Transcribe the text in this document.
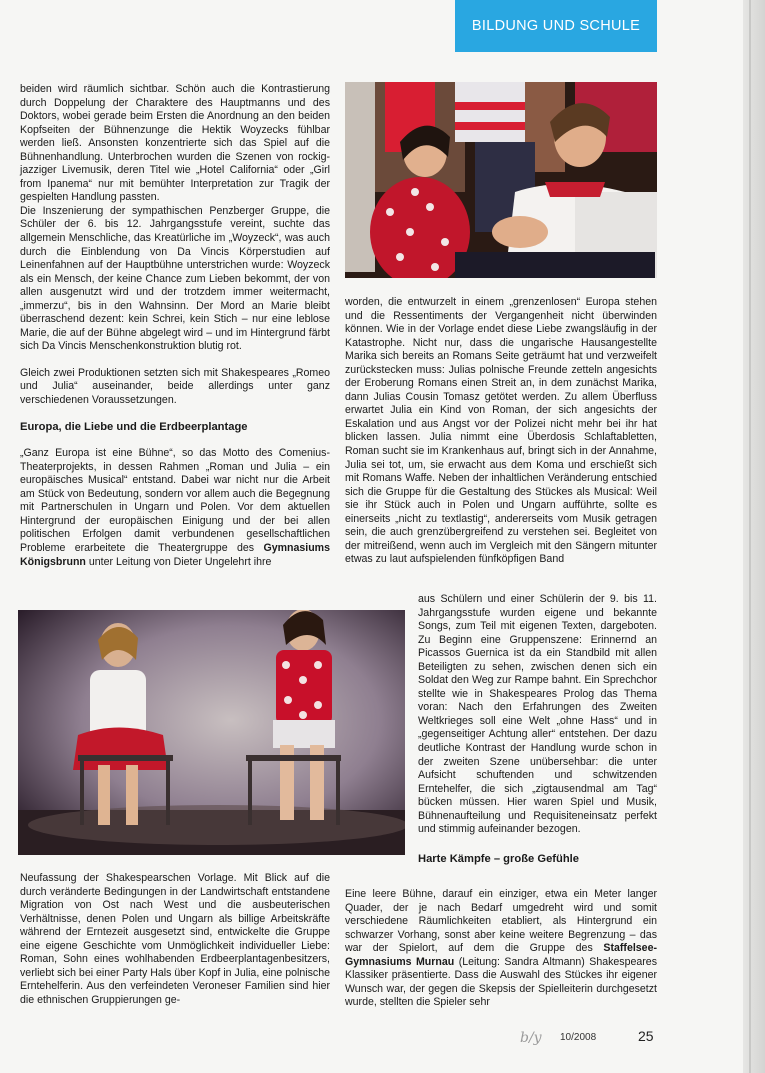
BILDUNG UND SCHULE

beiden wird räumlich sichtbar. Schön auch die Kontrastierung durch Doppelung der Charaktere des Hauptmanns und des Doktors, wobei gerade beim Ersten die Anordnung an den beiden Kopfseiten der Bühnenzunge die Hektik Woyzecks fühlbar werden ließ. Ansonsten konzentrierte sich das Spiel auf die Bühnenhandlung. Unterbrochen wurden die Szenen von rockig-jazziger Livemusik, deren Titel wie „Hotel California“ oder „Girl from Ipanema“ nur mit bemühter Interpretation zur Tragik der gespielten Handlung passten.

Die Inszenierung der sympathischen Penzberger Gruppe, die Schüler der 6. bis 12. Jahrgangsstufe vereint, suchte das allgemein Menschliche, das Kreatürliche im „Woyzeck“, was auch durch die Einblendung von Da Vincis Körperstudien auf Leinenfahnen auf der Hauptbühne unterstrichen wurde: Woyzeck als ein Mensch, der keine Chance zum Lieben bekommt, der von allen ausgenutzt wird und der trotzdem immer weitermacht, „immerzu“, bis in den Wahnsinn. Der Mord an Marie bleibt überraschend dezent: kein Schrei, kein Stich – nur eine leblose Marie, die auf der Bühne abgelegt wird – und im Hintergrund färbt sich Da Vincis Menschenkonstruktion blutig rot.

Gleich zwei Produktionen setzten sich mit Shakespeares „Romeo und Julia“ auseinander, beide allerdings unter ganz verschiedenen Voraussetzungen.

Europa, die Liebe und die Erdbeerplantage

„Ganz Europa ist eine Bühne“, so das Motto des Comenius-Theaterprojekts, in dessen Rahmen „Roman und Julia – ein europäisches Musical“ entstand. Dabei war nicht nur die Arbeit am Stück von Bedeutung, sondern vor allem auch die Begegnung mit Partnerschulen in Ungarn und Polen. Vor dem aktuellen Hintergrund der europäischen Einigung und der bei allen politischen Erfolgen damit verbundenen gesellschaftlichen Probleme erarbeitete die Theatergruppe des Gymnasiums Königsbrunn unter Leitung von Dieter Ungelehrt ihre

Neufassung der Shakespearschen Vorlage. Mit Blick auf die durch veränderte Bedingungen in der Landwirtschaft entstandene Migration von Ost nach West und die ausbeuterischen Verhältnisse, denen Polen und Ungarn als billige Arbeitskräfte während der Erntezeit ausgesetzt sind, entwickelte die Gruppe eine eigene Geschichte vom Unmöglichkeit individueller Liebe: Roman, Sohn eines wohlhabenden Erdbeerplantagenbesitzers, verliebt sich bei einer Party Hals über Kopf in Julia, eine polnische Erntehelferin. Aus den verfeindeten Veroneser Familien sind hier die ethnischen Gruppierungen ge-

worden, die entwurzelt in einem „grenzenlosen“ Europa stehen und die Ressentiments der Vergangenheit nicht überwinden können. Wie in der Vorlage endet diese Liebe zwangsläufig in der Katastrophe. Nicht nur, dass die ungarische Hausangestellte Marika sich bereits an Romans Seite geträumt hat und verzweifelt zurückstecken muss: Julias polnische Freunde zetteln angesichts der Eroberung Romans einen Streit an, in dem zunächst Marika, dann Julias Cousin Tomasz getötet werden. Zu allem Überfluss erwartet Julia ein Kind von Roman, der sich angesichts der Eskalation und aus Angst vor der Polizei nicht mehr bei ihr hat blicken lassen. Julia nimmt eine Überdosis Schlaftabletten, Roman sucht sie im Krankenhaus auf, bringt sich in der Annahme, Julia sei tot, um, sie erwacht aus dem Koma und erschießt sich mit Romans Waffe. Neben der inhaltlichen Veränderung entschied sich die Gruppe für die Gestaltung des Stückes als Musical: Weil sie ihr Stück auch in Polen und Ungarn aufführte, sollte es einerseits „nicht zu textlastig“, andererseits vom Musik getragen sein, die auch grenzübergreifend zu verstehen sei. Begleitet von der mitreißend, wenn auch im Vergleich mit den Sängern mitunter etwas zu laut aufspielenden fünfköpfigen Band

aus Schülern und einer Schülerin der 9. bis 11. Jahrgangsstufe wurden eigene und bekannte Songs, zum Teil mit eigenen Texten, dargeboten. Zu Beginn eine Gruppenszene: Erinnernd an Picassos Guernica ist da ein Standbild mit allen Beteiligten zu sehen, zwischen denen sich ein Soldat den Weg zur Rampe bahnt. Ein Sprechchor stellte wie in Shakespeares Prolog das Thema voran: Nach den Erfahrungen des Zweiten Weltkrieges soll eine Welt „ohne Hass“ und in „gegenseitiger Achtung aller“ entstehen. Der dazu deutliche Kontrast der Handlung wurde schon in der zweiten Szene unübersehbar: die unter Aufsicht schuftenden und schwitzenden Erntehelfer, die sich „zigtausendmal am Tag“ bücken müssen. Hier waren Spiel und Musik, Bühnenaufteilung und Requisiteneinsatz perfekt und stimmig aufeinander bezogen.

Harte Kämpfe – große Gefühle

Eine leere Bühne, darauf ein einziger, etwa ein Meter langer Quader, der je nach Bedarf umgedreht wird und somit verschiedene Räumlichkeiten etabliert, als Hintergrund ein schwarzer Vorhang, sonst aber keine weitere Begrenzung – das war der Spielort, auf dem die Gruppe des Staffelsee-Gymnasiums Murnau (Leitung: Sandra Altmann) Shakespeares Klassiker präsentierte. Dass die Auswahl des Stückes ihr eigener Wunsch war, der gegen die Skepsis der Spielleiterin durchgesetzt wurde, stellten die Spieler sehr

b/y 10/2008	25
